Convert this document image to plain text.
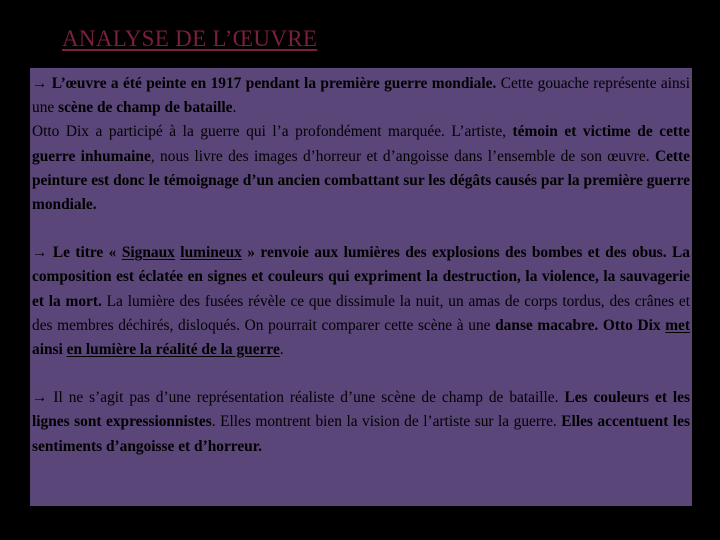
ANALYSE DE L’ŒUVRE

→ L’œuvre a été peinte en 1917 pendant la première guerre mondiale. Cette gouache représente ainsi une scène de champ de bataille.
Otto Dix a participé à la guerre qui l’a profondément marquée. L’artiste, témoin et victime de cette guerre inhumaine, nous livre des images d’horreur et d’angoisse dans l’ensemble de son œuvre. Cette peinture est donc le témoignage d’un ancien combattant sur les dégâts causés par la première guerre mondiale.

→ Le titre « Signaux lumineux » renvoie aux lumières des explosions des bombes et des obus. La composition est éclatée en signes et couleurs qui expriment la destruction, la violence, la sauvagerie et la mort. La lumière des fusées révèle ce que dissimule la nuit, un amas de corps tordus, des crânes et des membres déchirés, disloqués. On pourrait comparer cette scène à une danse macabre. Otto Dix met ainsi en lumière la réalité de la guerre.

→ Il ne s’agit pas d’une représentation réaliste d’une scène de champ de bataille. Les couleurs et les lignes sont expressionnistes. Elles montrent bien la vision de l’artiste sur la guerre. Elles accentuent les sentiments d’angoisse et d’horreur.
